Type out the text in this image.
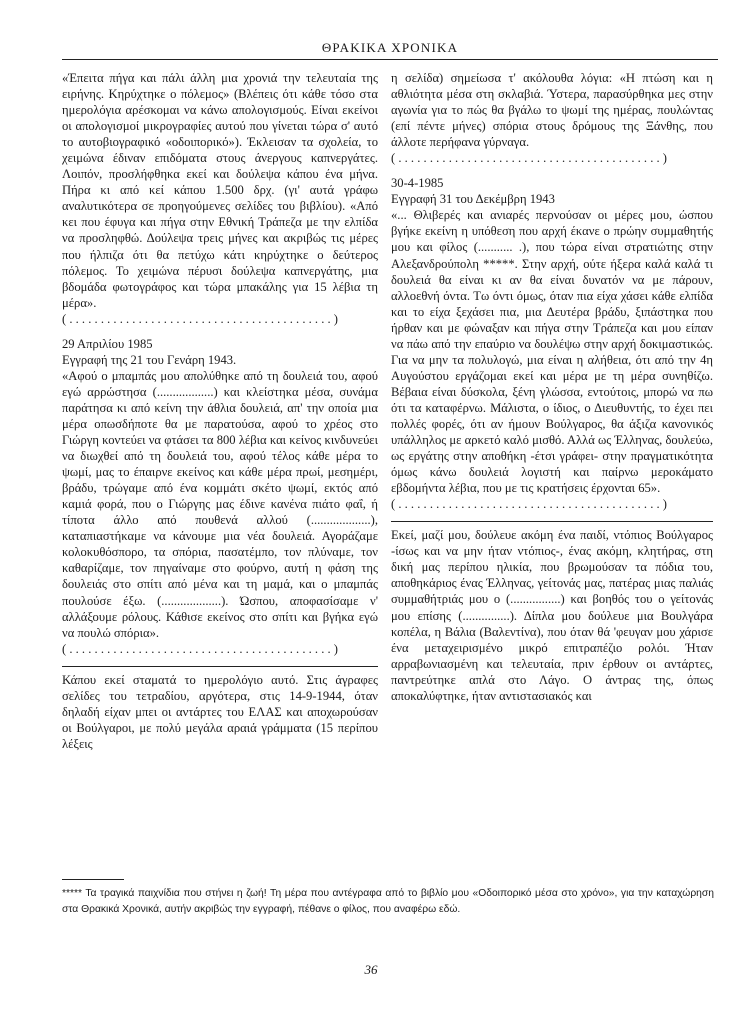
ΘΡΑΚΙΚΑ ΧΡΟΝΙΚΑ

«Έπειτα πήγα και πάλι άλλη μια χρονιά την τελευταία της ειρήνης. Κηρύχτηκε ο πόλεμος» (Βλέπεις ότι κάθε τόσο στα ημερολόγια αρέσκομαι να κάνω απολογισμούς. Είναι εκείνοι οι απολογισμοί μικρογραφίες αυτού που γίνεται τώρα σ' αυτό το αυτοβιογραφικό «οδοιπορικό»). Έκλεισαν τα σχολεία, το χειμώνα έδιναν επιδόματα στους άνεργους καπνεργάτες. Λοιπόν, προσλήφθηκα εκεί και δούλεψα κάπου ένα μήνα. Πήρα κι από κεί κάπου 1.500 δρχ. (γι' αυτά γράφω αναλυτικότερα σε προηγούμενες σελίδες του βιβλίου). «Από κει που έφυγα και πήγα στην Εθνική Τράπεζα με την ελπίδα να προσληφθώ. Δούλεψα τρεις μήνες και ακριβώς τις μέρες που ήλπιζα ότι θα πετύχω κάτι κηρύχτηκε ο δεύτερος πόλεμος. Το χειμώνα πέρυσι δούλεψα καπνεργάτης, μια βδομάδα φωτογράφος και τώρα μπακάλης για 15 λέβια τη μέρα».

( . . . . . . . . . . . . . . . . . . . . . . . . . . . . . . . . . . . . . . . . . . )

29 Απριλίου 1985

Εγγραφή της 21 του Γενάρη 1943.

«Αφού ο μπαμπάς μου απολύθηκε από τη δουλειά του, αφού εγώ αρρώστησα (..................) και κλείστηκα μέσα, συνάμα παράτησα κι από κείνη την άθλια δουλειά, απ' την οποία μια μέρα οπωσδήποτε θα με παρατούσα, αφού το χρέος στο Γιώργη κοντεύει να φτάσει τα 800 λέβια και κείνος κινδυνεύει να διωχθεί από τη δουλειά του, αφού τέλος κάθε μέρα το ψωμί, μας το έπαιρνε εκείνος και κάθε μέρα πρωί, μεσημέρι, βράδυ, τρώγαμε από ένα κομμάτι σκέτο ψωμί, εκτός από καμιά φορά, που ο Γιώργης μας έδινε κανένα πιάτο φαΐ, ή τίποτα άλλο από πουθενά αλλού (...................), καταπιαστήκαμε να κάνουμε μια νέα δουλειά. Αγοράζαμε κολοκυθόσπορο, τα σπόρια, πασατέμπο, τον πλύναμε, τον καθαρίζαμε, τον πηγαίναμε στο φούρνο, αυτή η φάση της δουλειάς στο σπίτι από μένα και τη μαμά, και ο μπαμπάς πουλούσε έξω. (...................). Ώσπου, αποφασίσαμε ν' αλλάξουμε ρόλους. Κάθισε εκείνος στο σπίτι και βγήκα εγώ να πουλώ σπόρια».

( . . . . . . . . . . . . . . . . . . . . . . . . . . . . . . . . . . . . . . . . . . )

Κάπου εκεί σταματά το ημερολόγιο αυτό. Στις άγραφες σελίδες του τετραδίου, αργότερα, στις 14-9-1944, όταν δηλαδή είχαν μπει οι αντάρτες του ΕΛΑΣ και αποχωρούσαν οι Βούλγαροι, με πολύ μεγάλα αραιά γράμματα (15 περίπου λέξεις

η σελίδα) σημείωσα τ' ακόλουθα λόγια: «Η πτώση και η αθλιότητα μέσα στη σκλαβιά. Ύστερα, παρασύρθηκα μες στην αγωνία για το πώς θα βγάλω το ψωμί της ημέρας, πουλώντας (επί πέντε μήνες) σπόρια στους δρόμους της Ξάνθης, που άλλοτε περήφανα γύρναγα.

( . . . . . . . . . . . . . . . . . . . . . . . . . . . . . . . . . . . . . . . . . . )

30-4-1985

Εγγραφή 31 του Δεκέμβρη 1943

«... Θλιβερές και ανιαρές περνούσαν οι μέρες μου, ώσπου βγήκε εκείνη η υπόθεση που αρχή έκανε ο πρώην συμμαθητής μου και φίλος (........... .), που τώρα είναι στρατιώτης στην Αλεξανδρούπολη *****. Στην αρχή, ούτε ήξερα καλά καλά τι δουλειά θα είναι κι αν θα είναι δυνατόν να με πάρουν, αλλοεθνή όντα. Τω όντι όμως, όταν πια είχα χάσει κάθε ελπίδα και το είχα ξεχάσει πια, μια Δευτέρα βράδυ, ξιπάστηκα που ήρθαν και με φώναξαν και πήγα στην Τράπεζα και μου είπαν να πάω από την επαύριο να δουλέψω στην αρχή δοκιμαστικώς. Για να μην τα πολυλογώ, μια είναι η αλήθεια, ότι από την 4η Αυγούστου εργάζομαι εκεί και μέρα με τη μέρα συνηθίζω. Βέβαια είναι δύσκολα, ξένη γλώσσα, εντούτοις, μπορώ να πω ότι τα καταφέρνω. Μάλιστα, ο ίδιος, ο Διευθυντής, το έχει πει πολλές φορές, ότι αν ήμουν Βούλγαρος, θα άξιζα κανονικός υπάλληλος με αρκετό καλό μισθό. Αλλά ως Έλληνας, δουλεύω, ως εργάτης στην αποθήκη -έτσι γράφει- στην πραγματικότητα όμως κάνω δουλειά λογιστή και παίρνω μεροκάματο εβδομήντα λέβια, που με τις κρατήσεις έρχονται 65».

( . . . . . . . . . . . . . . . . . . . . . . . . . . . . . . . . . . . . . . . . . . )

Εκεί, μαζί μου, δούλευε ακόμη ένα παιδί, ντόπιος Βούλγαρος -ίσως και να μην ήταν ντόπιος-, ένας ακόμη, κλητήρας, στη δική μας περίπου ηλικία, που βρωμούσαν τα πόδια του, αποθηκάριος ένας Έλληνας, γείτονάς μας, πατέρας μιας παλιάς συμμαθήτριάς μου ο (................) και βοηθός του ο γείτονάς μου επίσης (...............). Δίπλα μου δούλευε μια Βουλγάρα κοπέλα, η Βάλια (Βαλεντίνα), που όταν θά 'φευγαν μου χάρισε ένα μεταχειρισμένο μικρό επιτραπέζιο ρολόι. Ήταν αρραβωνιασμένη και τελευταία, πριν έρθουν οι αντάρτες, παντρεύτηκε απλά στο Λάγο. Ο άντρας της, όπως αποκαλύφτηκε, ήταν αντιστασιακός και

***** Τα τραγικά παιχνίδια που στήνει η ζωή! Τη μέρα που αντέγραφα από το βιβλίο μου «Οδοιπορικό μέσα στο χρόνο», για την καταχώρηση στα Θρακικά Χρονικά, αυτήν ακριβώς την εγγραφή, πέθανε ο φίλος, που αναφέρω εδώ.

36
